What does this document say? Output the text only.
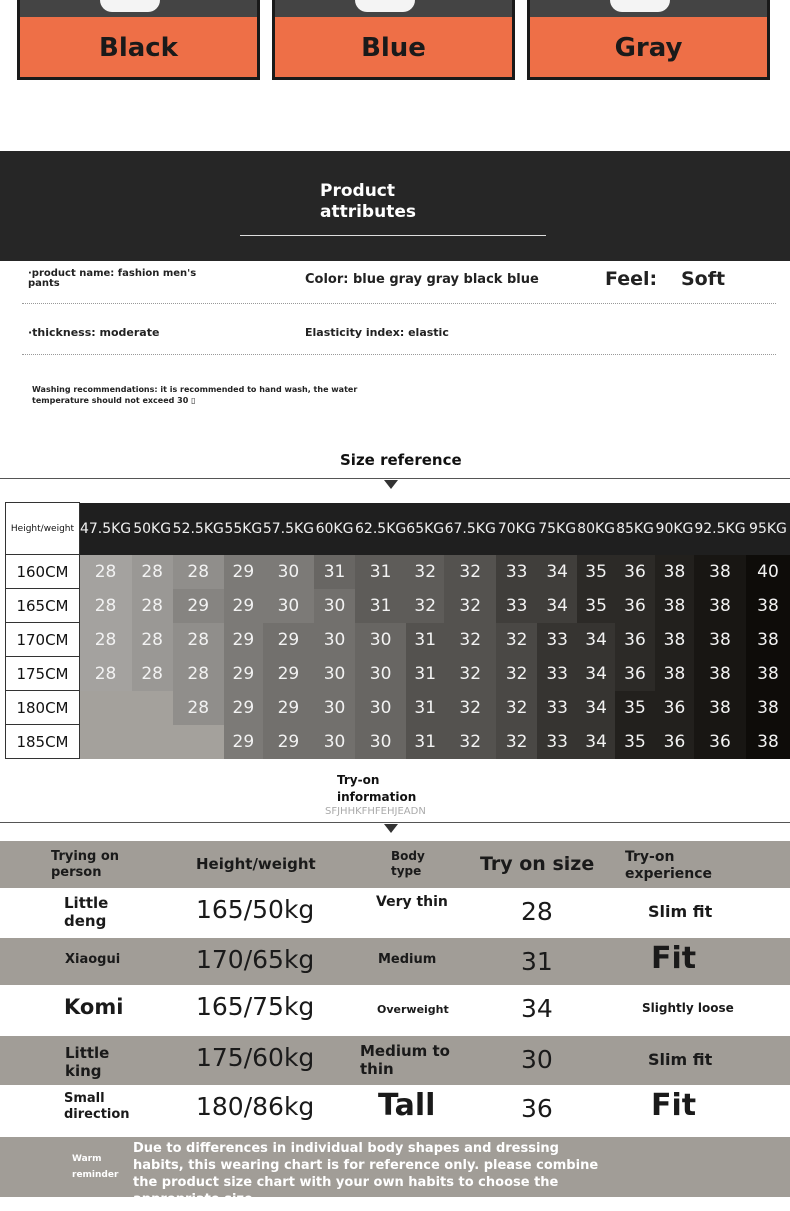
Black	Blue	Gray
Product attributes
·product name: fashion men's pants	Color: blue gray gray black blue	Feel: Soft
·thickness: moderate	Elasticity index: elastic
Washing recommendations: it is recommended to hand wash, the water temperature should not exceed 30 ▯
Size reference
Height/weight	47.5KG	50KG	52.5KG	55KG	57.5KG	60KG	62.5KG	65KG	67.5KG	70KG	75KG	80KG	85KG	90KG	92.5KG	95KG
160CM	28	28	28	29	30	31	31	32	32	33	34	35	36	38	38	40
165CM	28	28	29	29	30	30	31	32	32	33	34	35	36	38	38	38
170CM	28	28	28	29	29	30	30	31	32	32	33	34	36	38	38	38
175CM	28	28	28	29	29	30	30	31	32	32	33	34	36	38	38	38
180CM			28	29	29	30	30	31	32	32	33	34	35	36	38	38
185CM				29	29	30	30	31	32	32	33	34	35	36	36	38
Try-on information
SFJHHKFHFEHJEADN
Trying on person	Height/weight	Body type	Try on size	Try-on experience
Little deng	165/50kg	Very thin	28	Slim fit
Xiaogui	170/65kg	Medium	31	Fit
Komi	165/75kg	Overweight	34	Slightly loose
Little king	175/60kg	Medium to thin	30	Slim fit
Small direction	180/86kg	Tall	36	Fit
Warm reminder
Due to differences in individual body shapes and dressing habits, this wearing chart is for reference only. please combine the product size chart with your own habits to choose the appropriate size.
